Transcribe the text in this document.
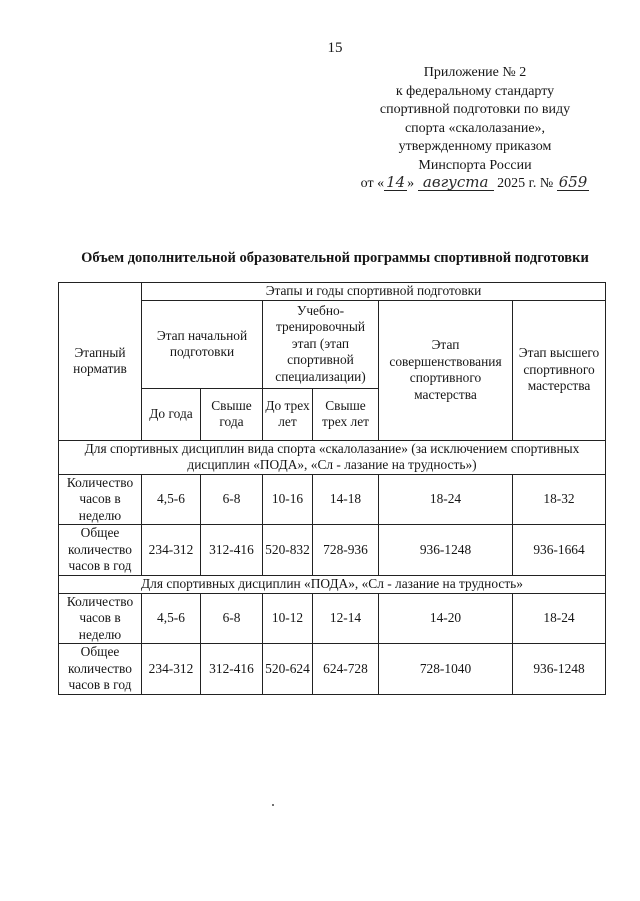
15
Приложение № 2
к федеральному стандарту
спортивной подготовки по виду
спорта «скалолазание»,
утвержденному приказом
Минспорта России
от « 14 » августа 2025 г. № 659
Объем дополнительной образовательной программы спортивной подготовки
Этапный норматив	Этапы и годы спортивной подготовки					
	Этап начальной подготовки		Учебно-тренировочный этап (этап спортивной специализации)		Этап совершенствования спортивного мастерства	Этап высшего спортивного мастерства
	До года	Свыше года	До трех лет	Свыше трех лет		
Для спортивных дисциплин вида спорта «скалолазание» (за исключением спортивных дисциплин «ПОДА», «Сл - лазание на трудность»)						
Количество часов в неделю	4,5-6	6-8	10-16	14-18	18-24	18-32
Общее количество часов в год	234-312	312-416	520-832	728-936	936-1248	936-1664
Для спортивных дисциплин «ПОДА», «Сл - лазание на трудность»						
Количество часов в неделю	4,5-6	6-8	10-12	12-14	14-20	18-24
Общее количество часов в год	234-312	312-416	520-624	624-728	728-1040	936-1248
